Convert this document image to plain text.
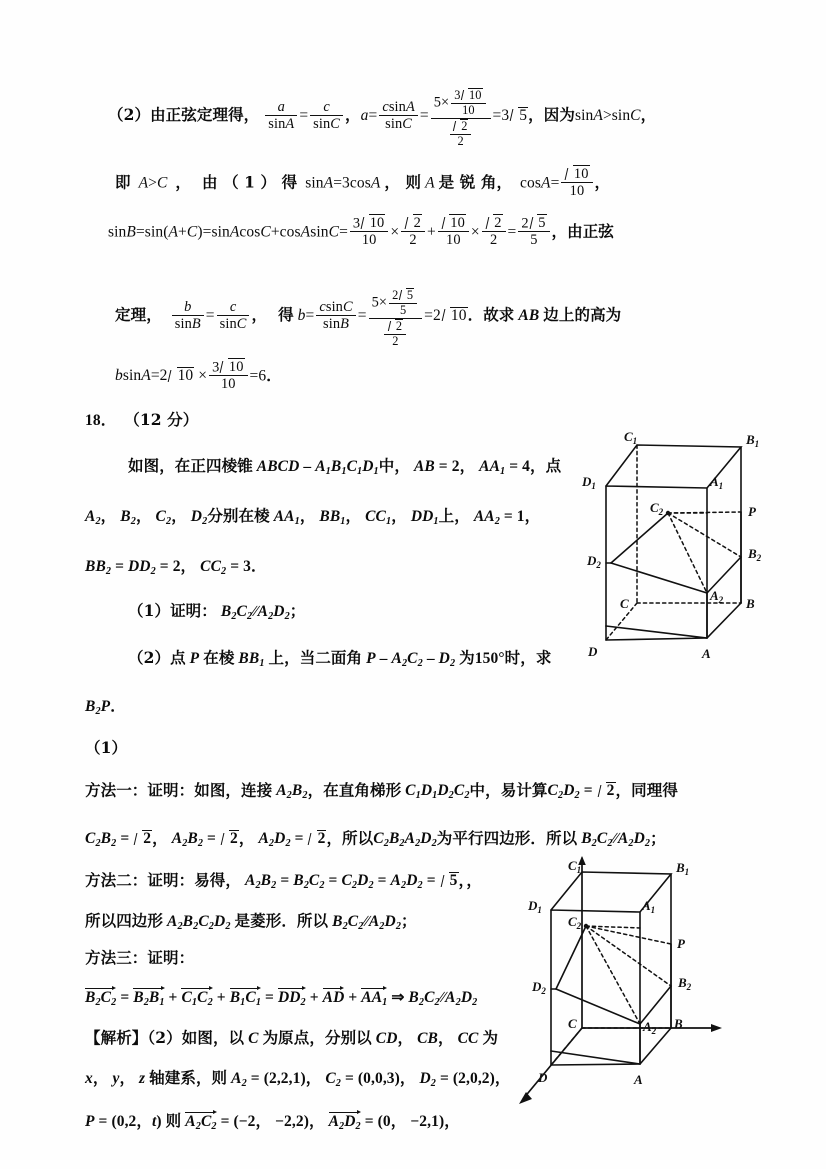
（2）由正弦定理得， $\frac{a}{\sin A} = \frac{c}{\sin C}$ ，$a= \frac{csinA}{\sin C} = \frac{5\times \frac{3 10}{10}}{\frac{2}{2}} =3$ 5，因为sinA>sinC，
即 A>C ，  由 （ 1 ） 得 sinA=3cosA ， 则 A 是 锐 角， $\cos A= \frac{10}{10}$ ，
sinB=sin(A+C)=sinAcosC+cosAsinC= $\frac{3 10}{10} \times \frac{2}{2} + \frac{10}{10} \times \frac{2}{2} = \frac{2 5}{5}$ ，由正弦
定理， $\frac{b}{\sin B} = \frac{c}{\sin C}$ ，  得 $b= \frac{csinC}{\sin B} = \frac{5\times \frac{2 5}{5}}{\frac{2}{2}} =2$ 10．故求 AB 边上的高为
bsinA=2 $10 \times \frac{3 10}{10} =6$．
18． （12 分）
如图，在正四棱锥 ABCD – $A_1B_1C_1D_1$中， AB = 2， $AA_1 = 4$，点
$A_2$， $B_2$， $C_2$， $D_2$分别在棱 $AA_1$， $BB_1$， $CC_1$， $DD_1$上， $AA_2 = 1$，
$BB_2 = DD_2 = 2$， $CC_2 = 3$．
（1）证明： $B_2C_2∕∕A_2D_2$；
（2）点 P 在棱 $BB_1$ 上，当二面角 P – $A_2C_2 - D_2$ 为150°时，求
$B_2P$．
（1）
方法一：证明：如图，连接 $A_2B_2$，在直角梯形 $C_1D_1D_2C_2$中，易计算$C_2D_2 = 2$，同理得
$C_2B_2 = 2$， $A_2B_2 = 2$， $A_2D_2 = 2$，所以$C_2B_2A_2D_2$为平行四边形．所以 $B_2C_2∕∕A_2D_2$；
方法二：证明：易得， $A_2B_2 = B_2C_2 = C_2D_2 = A_2D_2 = 5$，，
所以四边形 $A_2B_2C_2D_2$ 是菱形．所以 $B_2C_2∕∕A_2D_2$；
方法三：证明：
$B_2C_2 = B_2B_1 + C_1C_2 + B_1C_1 = DD_2$ + AD + $AA_1$ ⇒ $B_2C_2∕∕A_2D_2$
【解析】（2）如图，以 C 为原点，分别以 CD， CB， CC 为
x， y， z 轴建系，则 $A_2 = (2,2,1)$， $C_2 = (0,0,3)$， $D_2 = (2,0,2)$，
P = (0,2，t) 则 $A_2C_2 = (-2$， −2,2)， $A_2D_2 = (0$， −2,1)，
$C_1$	$B_1$
$D_1$	$A_1$
$C_2$	P
$B_2$
$D_2$
$A_2$
C	B
D	A
$C_1$	$B_1$
$D_1$	$A_1$
$C_2$
P
$B_2$
$D_2$
$A_2$
C	B
D	A
